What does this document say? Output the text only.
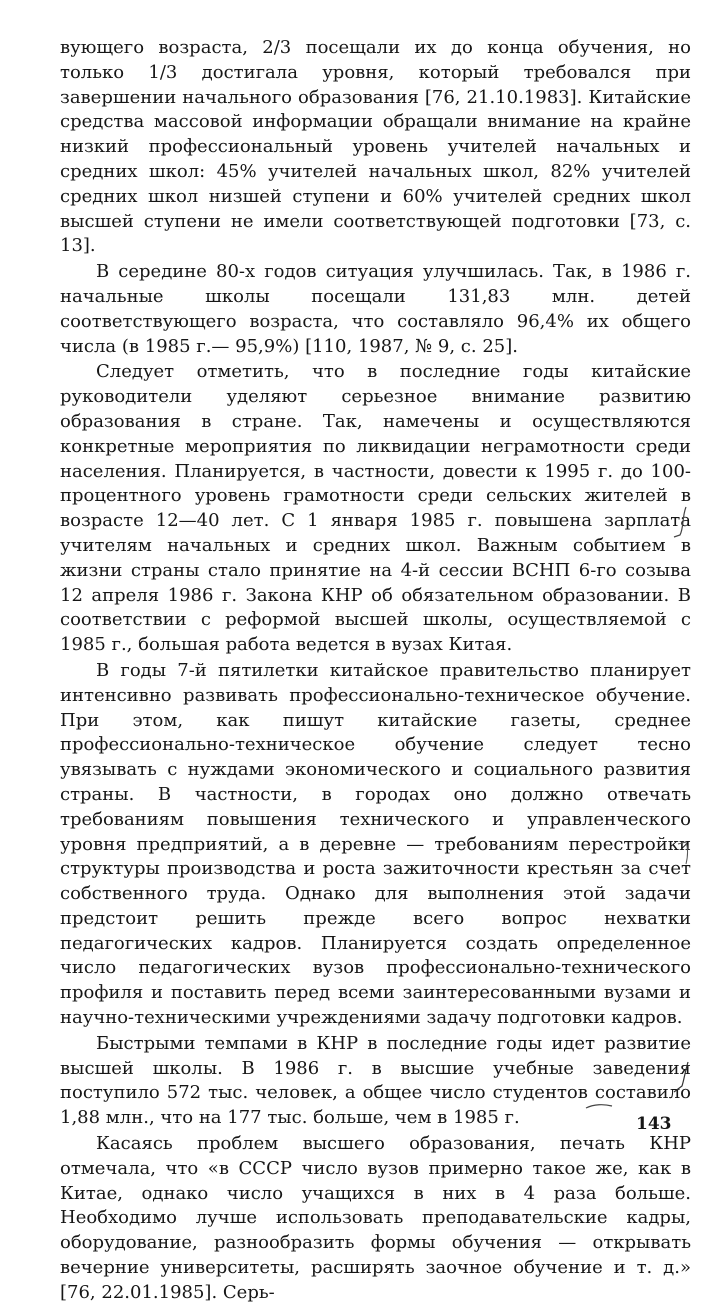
вующего возраста, 2/3 посещали их до конца обучения, но только 1/3 достигала уровня, который требовался при завершении начального образования [76, 21.10.1983]. Китайские средства массовой информации обращали внимание на крайне низкий профессиональный уровень учителей начальных и средних школ: 45% учителей начальных школ, 82% учителей средних школ низшей ступени и 60% учителей средних школ высшей ступени не имели соответствующей подготовки [73, с. 13].

В середине 80-х годов ситуация улучшилась. Так, в 1986 г. начальные школы посещали 131,83 млн. детей соответствующего возраста, что составляло 96,4% их общего числа (в 1985 г.— 95,9%) [110, 1987, № 9, с. 25].

Следует отметить, что в последние годы китайские руководители уделяют серьезное внимание развитию образования в стране. Так, намечены и осуществляются конкретные мероприятия по ликвидации неграмотности среди населения. Планируется, в частности, довести к 1995 г. до 100-процентного уровень грамотности среди сельских жителей в возрасте 12—40 лет. С 1 января 1985 г. повышена зарплата учителям начальных и средних школ. Важным событием в жизни страны стало принятие на 4-й сессии ВСНП 6-го созыва 12 апреля 1986 г. Закона КНР об обязательном образовании. В соответствии с реформой высшей школы, осуществляемой с 1985 г., большая работа ведется в вузах Китая.

В годы 7-й пятилетки китайское правительство планирует интенсивно развивать профессионально-техническое обучение. При этом, как пишут китайские газеты, среднее профессионально-техническое обучение следует тесно увязывать с нуждами экономического и социального развития страны. В частности, в городах оно должно отвечать требованиям повышения технического и управленческого уровня предприятий, а в деревне — требованиям перестройки структуры производства и роста зажиточности крестьян за счет собственного труда. Однако для выполнения этой задачи предстоит решить прежде всего вопрос нехватки педагогических кадров. Планируется создать определенное число педагогических вузов профессионально-технического профиля и поставить перед всеми заинтересованными вузами и научно-техническими учреждениями задачу подготовки кадров.

Быстрыми темпами в КНР в последние годы идет развитие высшей школы. В 1986 г. в высшие учебные заведения поступило 572 тыс. человек, а общее число студентов составило 1,88 млн., что на 177 тыс. больше, чем в 1985 г.

Касаясь проблем высшего образования, печать КНР отмечала, что «в СССР число вузов примерно такое же, как в Китае, однако число учащихся в них в 4 раза больше. Необходимо лучше использовать преподавательские кадры, оборудование, разнообразить формы обучения — открывать вечерние университеты, расширять заочное обучение и т. д.» [76, 22.01.1985]. Серь-

143
